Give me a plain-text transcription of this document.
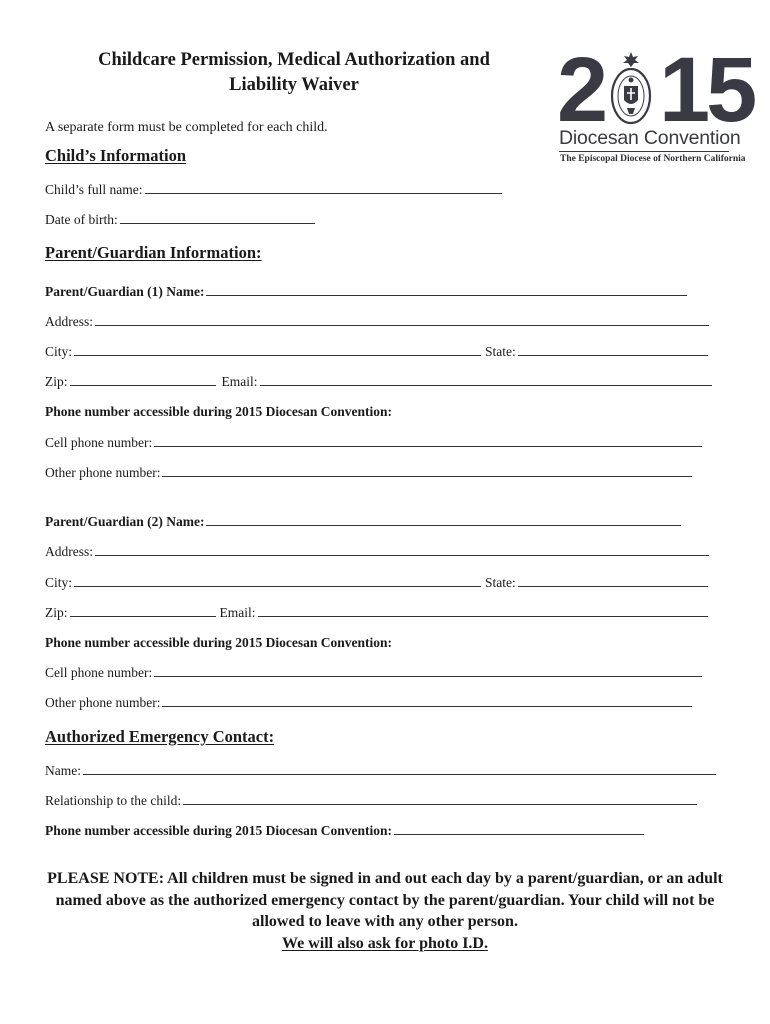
Childcare Permission, Medical Authorization and
Liability Waiver	2 15
Diocesan Convention
The Episcopal Diocese of Northern California
A separate form must be completed for each child.
Child’s Information
Child’s full name:
Date of birth:
Parent/Guardian Information:
Parent/Guardian (1) Name:
Address:
City:	State:
Zip:	Email:
Phone number accessible during 2015 Diocesan Convention:
Cell phone number:
Other phone number:
Parent/Guardian (2) Name:
Address:
City:	State:
Zip:	Email:
Phone number accessible during 2015 Diocesan Convention:
Cell phone number:
Other phone number:
Authorized Emergency Contact:
Name:
Relationship to the child:
Phone number accessible during 2015 Diocesan Convention:
PLEASE NOTE: All children must be signed in and out each day by a parent/guardian, or an adult named above as the authorized emergency contact by the parent/guardian. Your child will not be allowed to leave with any other person.
We will also ask for photo I.D.
